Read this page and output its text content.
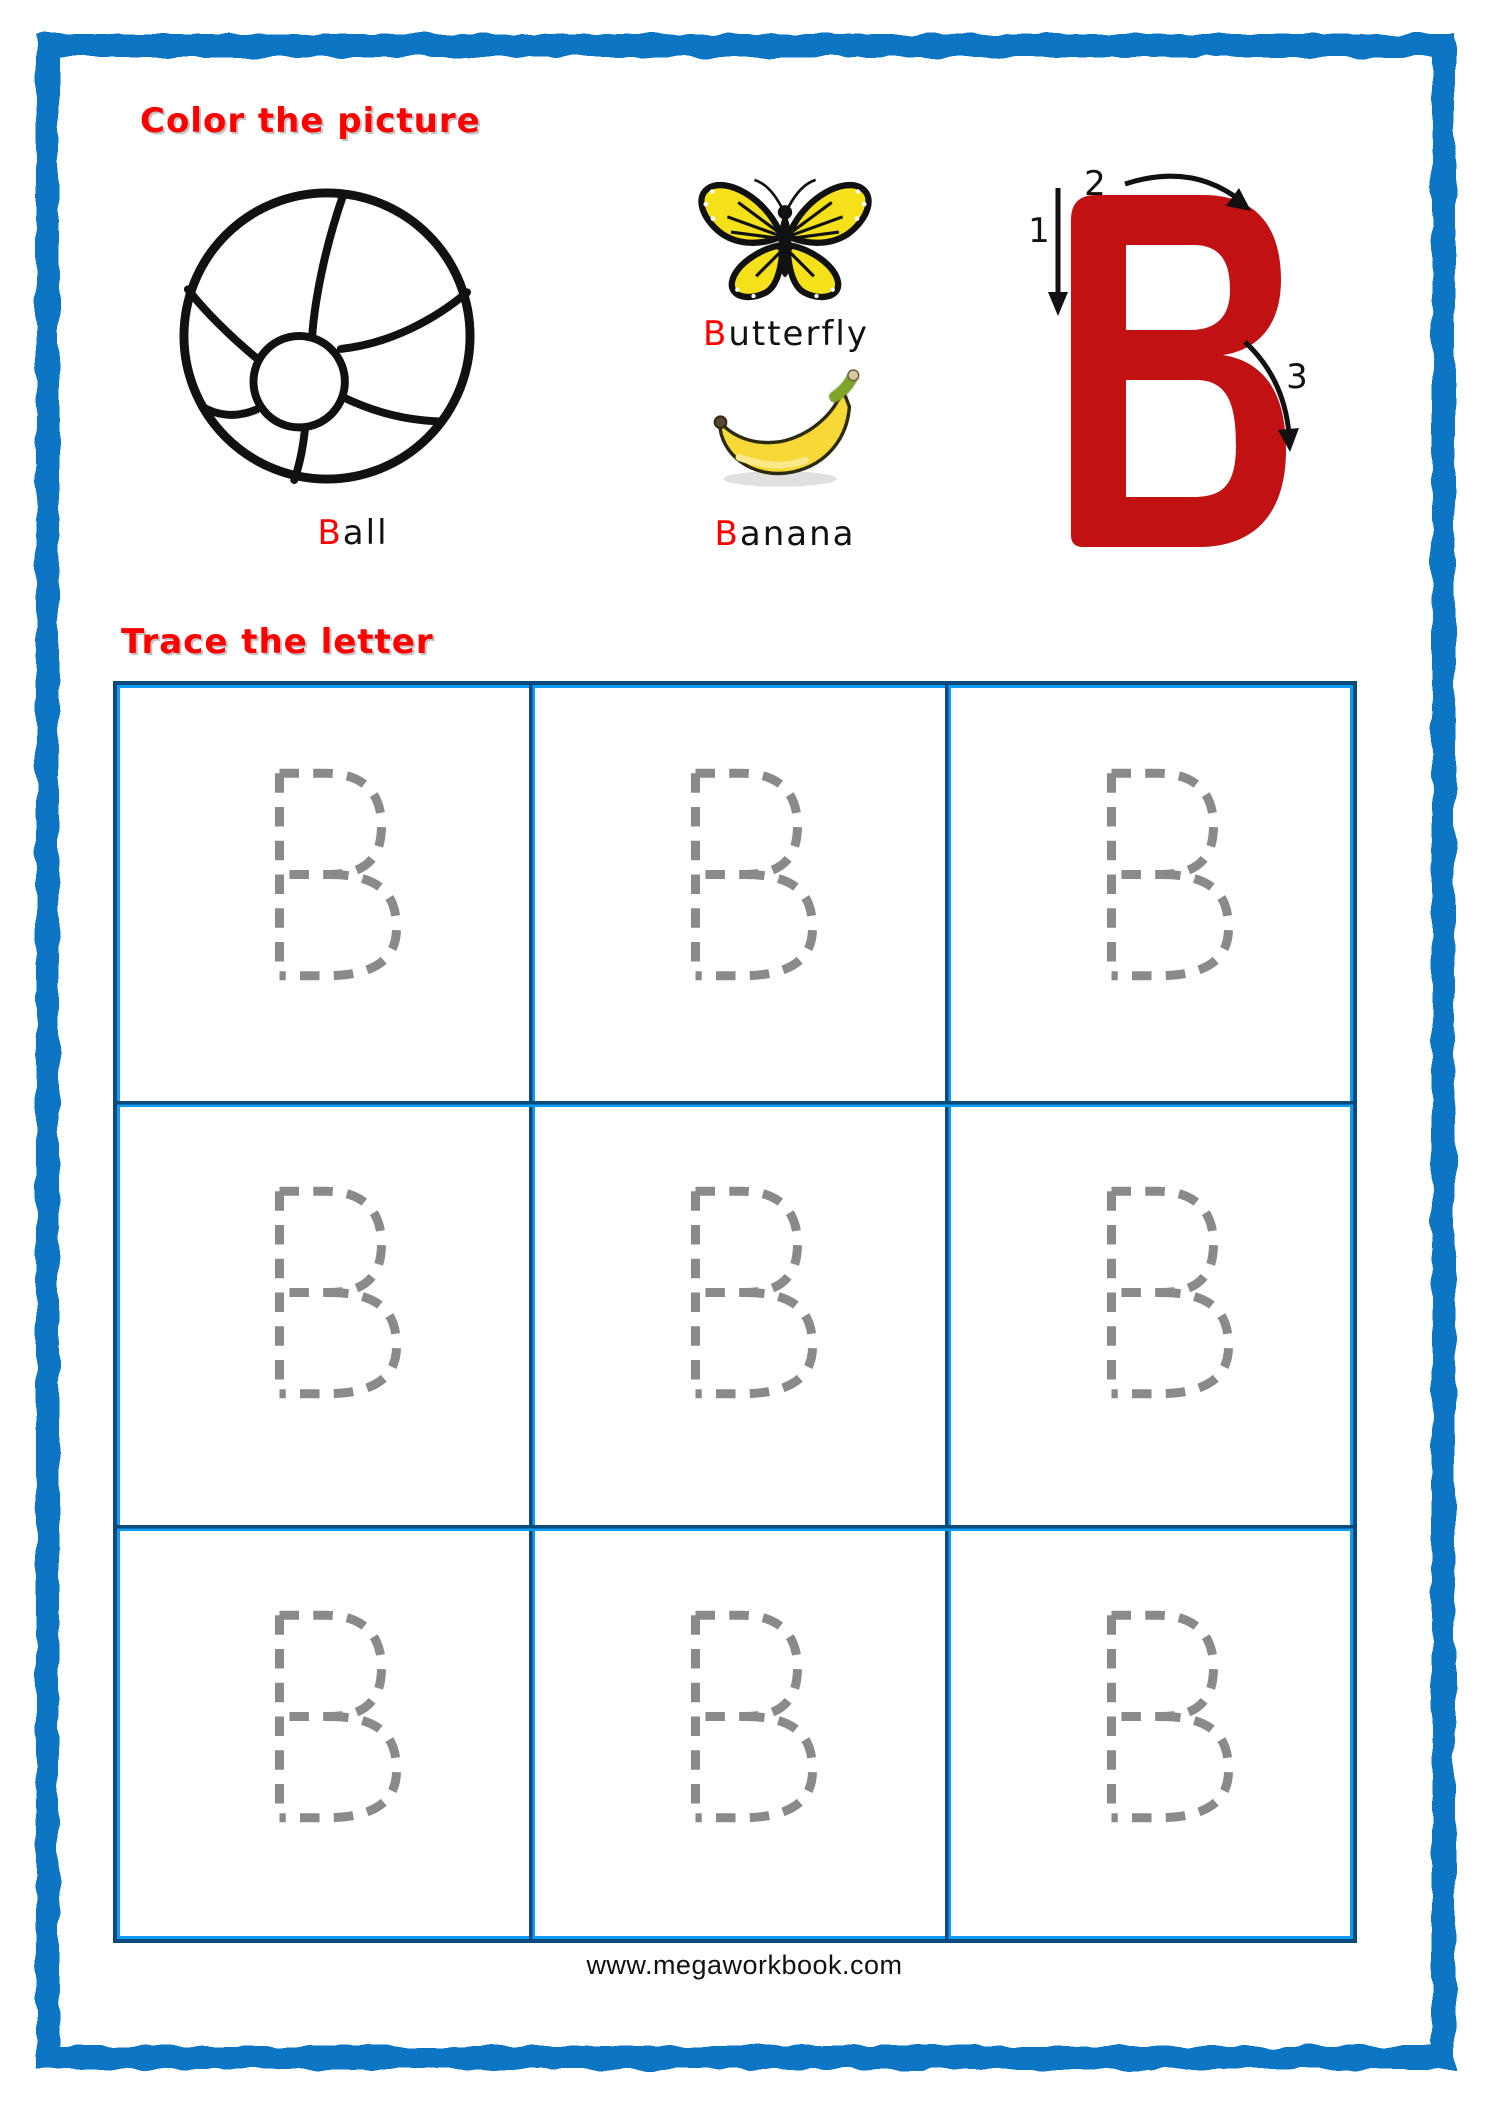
Color the picture
Ball
Butterfly
Banana
1
2
3
Trace the letter
www.megaworkbook.com
